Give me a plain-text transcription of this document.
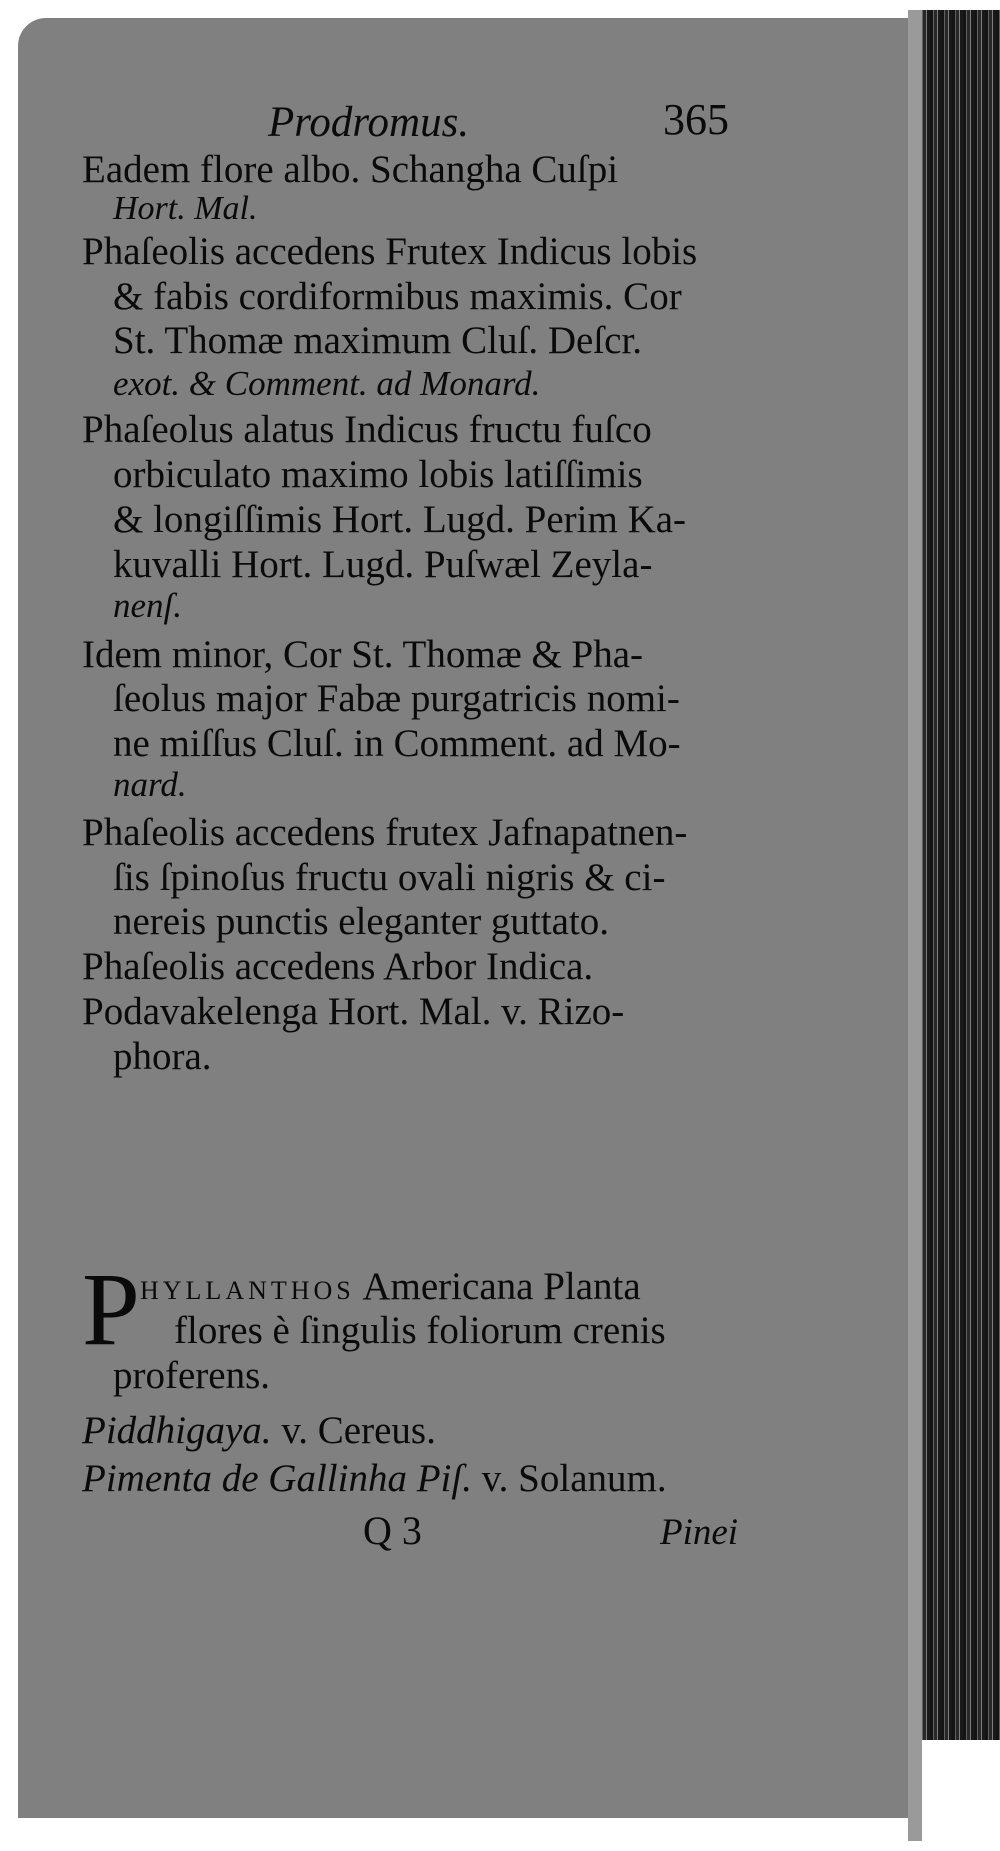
Prodromus.	365
Eadem flore albo. Schangha Cuſpi
Hort. Mal.
Phaſeolis accedens Frutex Indicus lobis
& fabis cordiformibus maximis. Cor
St. Thomæ maximum Cluſ. Deſcr.
exot. & Comment. ad Monard.
Phaſeolus alatus Indicus fructu fuſco
orbiculato maximo lobis latiſſimis
& longiſſimis Hort. Lugd. Perim Ka-
kuvalli Hort. Lugd. Puſwæl Zeyla-
nenſ.
Idem minor, Cor St. Thomæ & Pha-
ſeolus major Fabæ purgatricis nomi-
ne miſſus Cluſ. in Comment. ad Mo-
nard.
Phaſeolis accedens frutex Jafnapatnen-
ſis ſpinoſus fructu ovali nigris & ci-
nereis punctis eleganter guttato.
Phaſeolis accedens Arbor Indica.
Podavakelenga Hort. Mal. v. Rizo-
phora.
P HYLLANTHOS Americana Planta
flores è ſingulis foliorum crenis
proferens.
Piddhigaya. v. Cereus.
Pimenta de Gallinha Piſ. v. Solanum.
Q 3	Pinei
